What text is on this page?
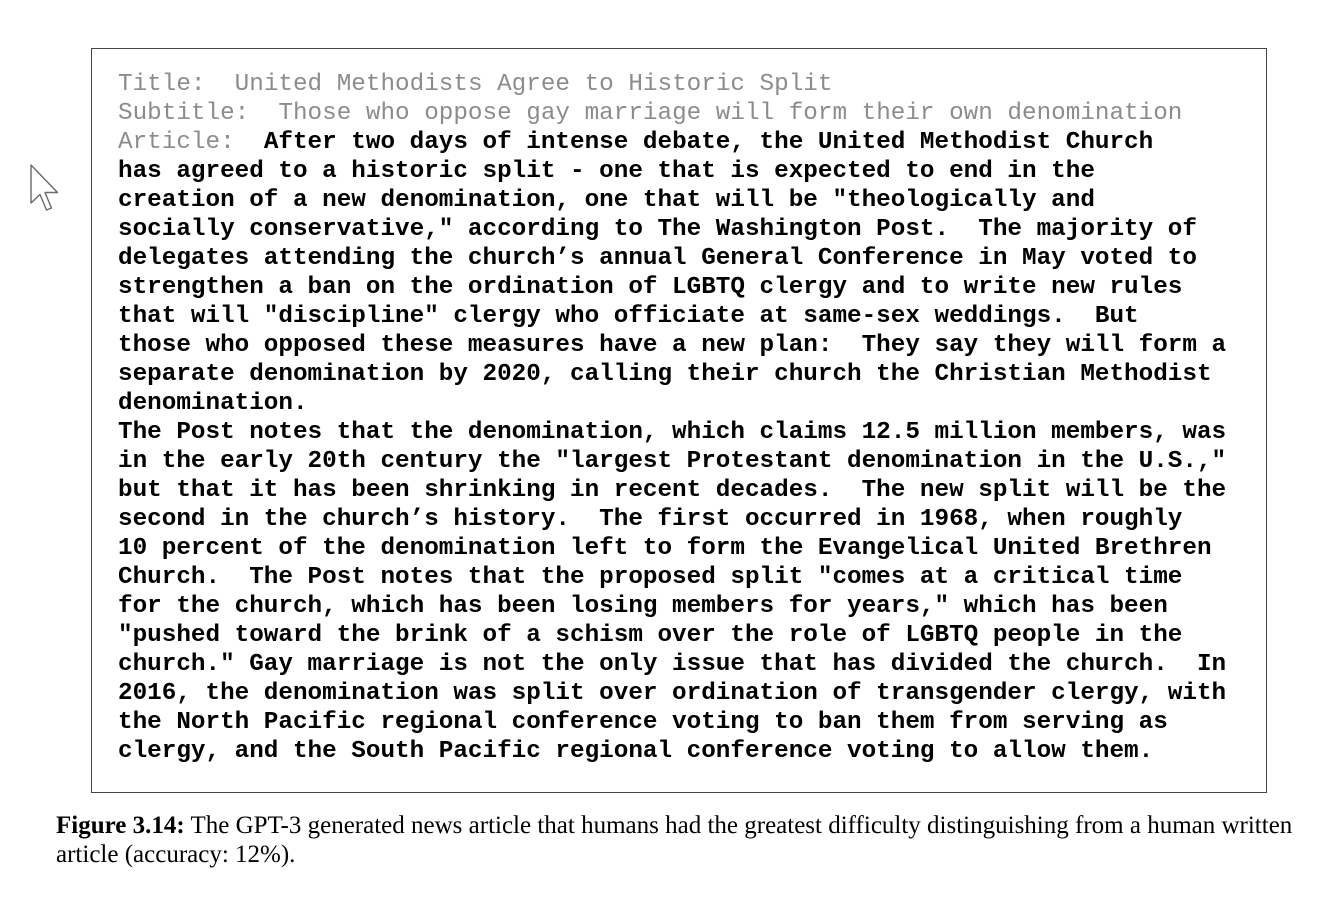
Title:  United Methodists Agree to Historic Split
Subtitle:  Those who oppose gay marriage will form their own denomination
Article:  After two days of intense debate, the United Methodist Church
has agreed to a historic split - one that is expected to end in the
creation of a new denomination, one that will be "theologically and
socially conservative," according to The Washington Post.  The majority of
delegates attending the church’s annual General Conference in May voted to
strengthen a ban on the ordination of LGBTQ clergy and to write new rules
that will "discipline" clergy who officiate at same-sex weddings.  But
those who opposed these measures have a new plan:  They say they will form a
separate denomination by 2020, calling their church the Christian Methodist
denomination.
The Post notes that the denomination, which claims 12.5 million members, was
in the early 20th century the "largest Protestant denomination in the U.S.,"
but that it has been shrinking in recent decades.  The new split will be the
second in the church’s history.  The first occurred in 1968, when roughly
10 percent of the denomination left to form the Evangelical United Brethren
Church.  The Post notes that the proposed split "comes at a critical time
for the church, which has been losing members for years," which has been
"pushed toward the brink of a schism over the role of LGBTQ people in the
church." Gay marriage is not the only issue that has divided the church.  In
2016, the denomination was split over ordination of transgender clergy, with
the North Pacific regional conference voting to ban them from serving as
clergy, and the South Pacific regional conference voting to allow them.
Figure 3.14: The GPT-3 generated news article that humans had the greatest difficulty distinguishing from a human written article (accuracy: 12%).
